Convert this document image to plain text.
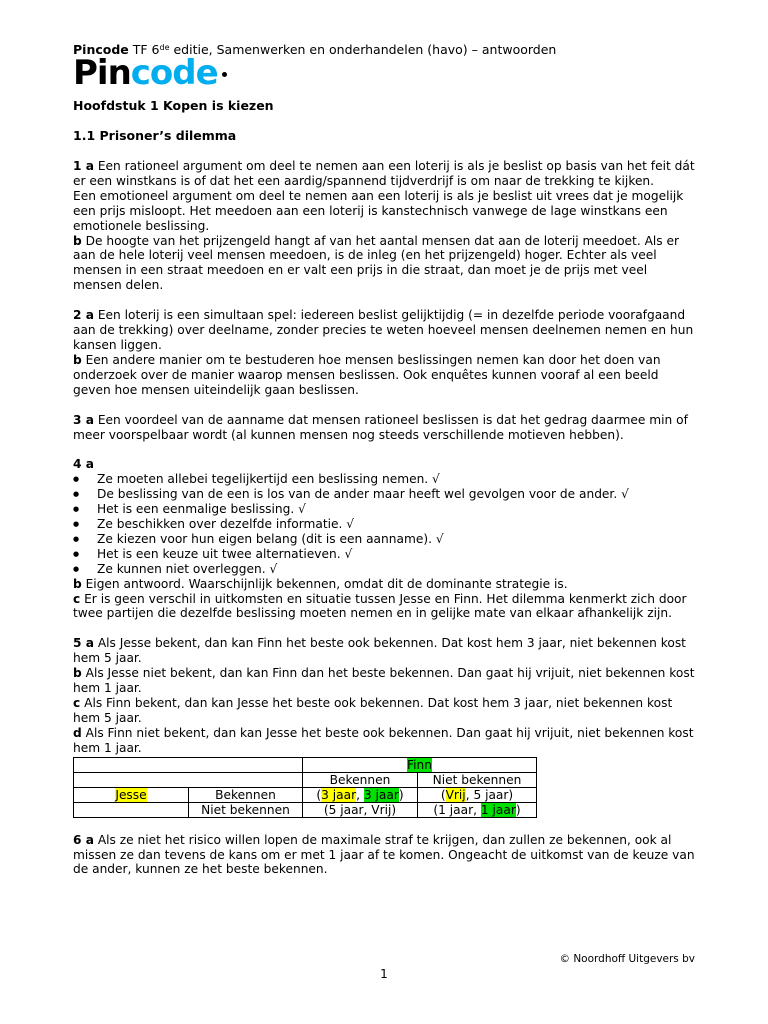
Pincode TF 6de editie, Samenwerken en onderhandelen (havo) – antwoorden
Pincode
Hoofdstuk 1 Kopen is kiezen
1.1 Prisoner’s dilemma

1 a Een rationeel argument om deel te nemen aan een loterij is als je beslist op basis van het feit dát er een winstkans is of dat het een aardig/spannend tijdverdrijf is om naar de trekking te kijken.

Een emotioneel argument om deel te nemen aan een loterij is als je beslist uit vrees dat je mogelijk een prijs misloopt. Het meedoen aan een loterij is kanstechnisch vanwege de lage winstkans een emotionele beslissing.

b De hoogte van het prijzengeld hangt af van het aantal mensen dat aan de loterij meedoet. Als er aan de hele loterij veel mensen meedoen, is de inleg (en het prijzengeld) hoger. Echter als veel mensen in een straat meedoen en er valt een prijs in die straat, dan moet je de prijs met veel mensen delen.

2 a Een loterij is een simultaan spel: iedereen beslist gelijktijdig (= in dezelfde periode voorafgaand aan de trekking) over deelname, zonder precies te weten hoeveel mensen deelnemen nemen en hun kansen liggen.

b Een andere manier om te bestuderen hoe mensen beslissingen nemen kan door het doen van onderzoek over de manier waarop mensen beslissen. Ook enquêtes kunnen vooraf al een beeld geven hoe mensen uiteindelijk gaan beslissen.

3 a Een voordeel van de aanname dat mensen rationeel beslissen is dat het gedrag daarmee min of meer voorspelbaar wordt (al kunnen mensen nog steeds verschillende motieven hebben).

4 a

● Ze moeten allebei tegelijkertijd een beslissing nemen. √
● De beslissing van de een is los van de ander maar heeft wel gevolgen voor de ander. √
● Het is een eenmalige beslissing. √
● Ze beschikken over dezelfde informatie. √
● Ze kiezen voor hun eigen belang (dit is een aanname). √
● Het is een keuze uit twee alternatieven. √
● Ze kunnen niet overleggen. √

b Eigen antwoord. Waarschijnlijk bekennen, omdat dit de dominante strategie is.

c Er is geen verschil in uitkomsten en situatie tussen Jesse en Finn. Het dilemma kenmerkt zich door twee partijen die dezelfde beslissing moeten nemen en in gelijke mate van elkaar afhankelijk zijn.

5 a Als Jesse bekent, dan kan Finn het beste ook bekennen. Dat kost hem 3 jaar, niet bekennen kost hem 5 jaar.

b Als Jesse niet bekent, dan kan Finn dan het beste bekennen. Dan gaat hij vrijuit, niet bekennen kost hem 1 jaar.

c Als Finn bekent, dan kan Jesse het beste ook bekennen. Dat kost hem 3 jaar, niet bekennen kost hem 5 jaar.

d Als Finn niet bekent, dan kan Jesse het beste ook bekennen. Dan gaat hij vrijuit, niet bekennen kost hem 1 jaar.

	Finn	
	Bekennen	Niet bekennen

Jesse Bekennen	(3 jaar, 3 jaar)	(Vrij, 5 jaar)

Niet bekennen	(5 jaar, Vrij)	(1 jaar, 1 jaar)

6 a Als ze niet het risico willen lopen de maximale straf te krijgen, dan zullen ze bekennen, ook al missen ze dan tevens de kans om er met 1 jaar af te komen. Ongeacht de uitkomst van de keuze van de ander, kunnen ze het beste bekennen.

© Noordhoff Uitgevers bv
1
